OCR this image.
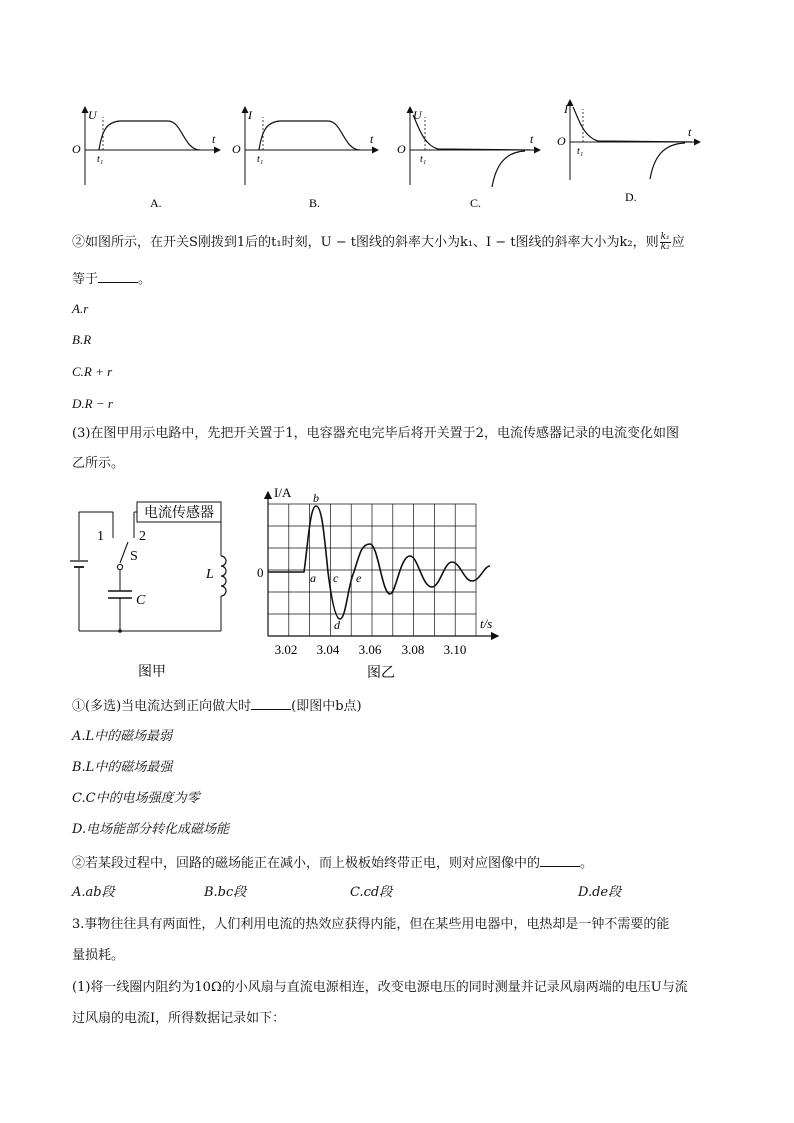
U
t
O
t₁
A.
I
t
O
t₁
B.
U
t
O
t₁
C.
I
t
O
t₁
D.
②如图所示，在开关S刚拨到1后的t₁时刻，U − t图线的斜率大小为k₁、I − t图线的斜率大小为k₂，则 $\frac{\text{k₁}}{\text{k₂}}$ 应
等于	。
A.r
B.R
C.R + r
D.R − r
(3)在图甲用示电路中，先把开关置于1，电容器充电完毕后将开关置于2，电流传感器记录的电流变化如图
乙所示。
电流传感器
1	2
S
L
C
图甲
I/A
t/s
0
3.02 3.04 3.06 3.08 3.10
a
b
c
d
e
图乙
①(多选)当电流达到正向做大时	(即图中b点)
A.L中的磁场最弱
B.L中的磁场最强
C.C中的电场强度为零
D.电场能部分转化成磁场能
②若某段过程中，回路的磁场能正在减小，而上极板始终带正电，则对应图像中的	。
A.ab段	B.bc段	C.cd段	D.de段
3.事物往往具有两面性，人们利用电流的热效应获得内能，但在某些用电器中，电热却是一钟不需要的能
量损耗。
(1)将一线圈内阻约为10Ω的小风扇与直流电源相连，改变电源电压的同时测量并记录风扇两端的电压U与流
过风扇的电流I，所得数据记录如下：
